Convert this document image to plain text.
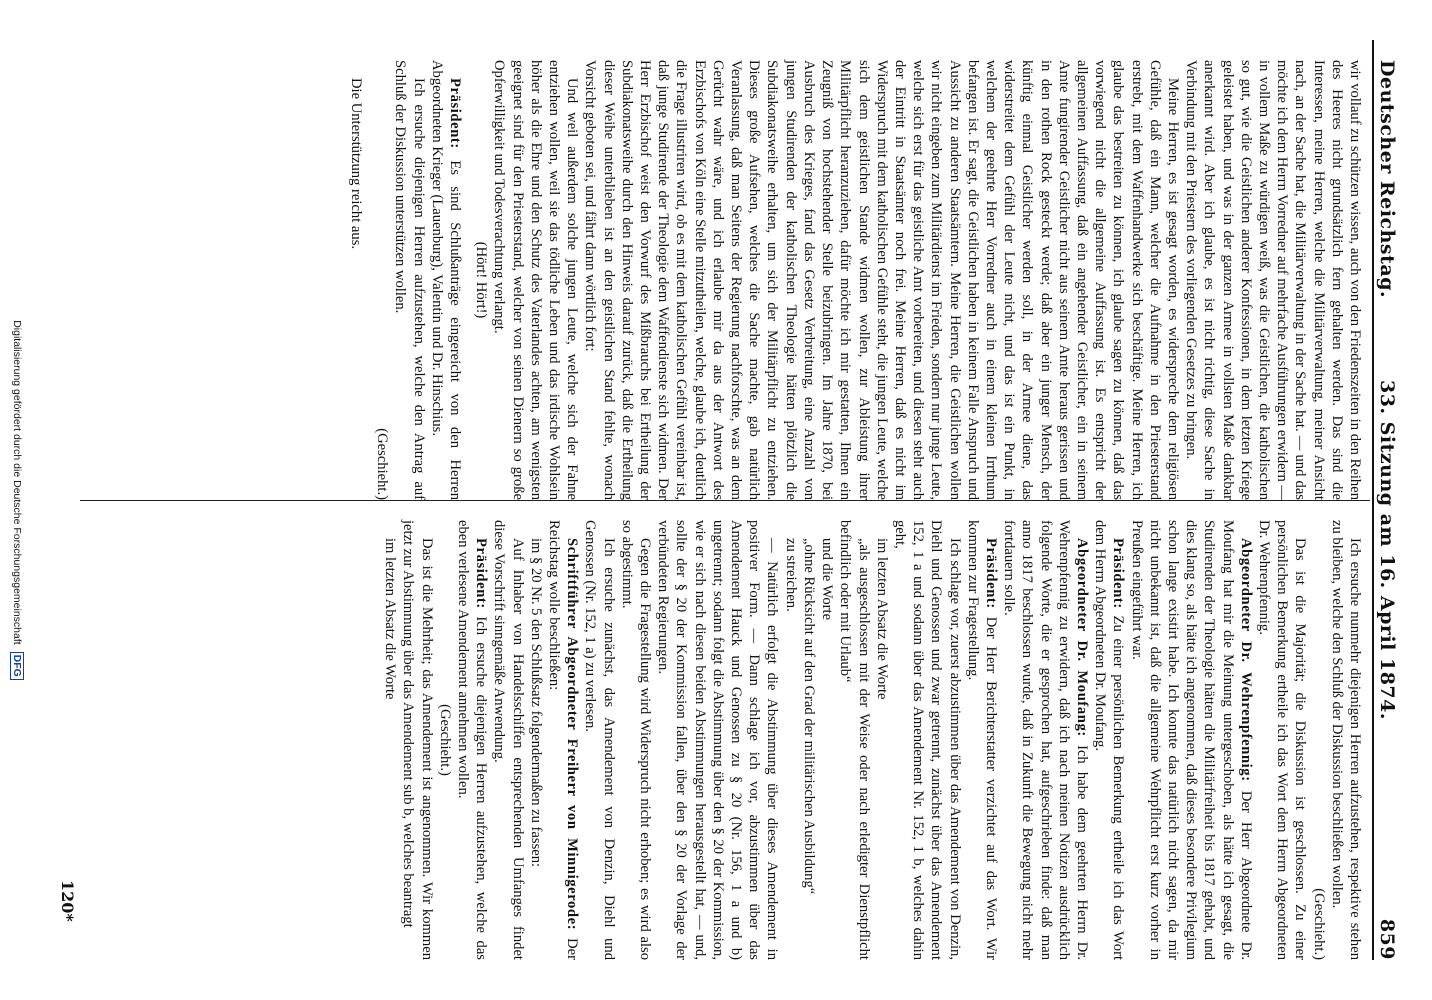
Deutscher Reichstag.
33. Sitzung am 16. April 1874.
859

wir vollauf zu schützen wissen, auch von den Friedenszeiten in den Reihen des Heeres nicht grundsätzlich fern gehalten werden. Das sind die Interessen, meine Herren, welche die Militärverwaltung, meiner Ansicht nach, an der Sache hat, die Militärverwaltung in der Sache hat. — und das möchte ich dem Herrn Vorredner auf mehrfache Ausführungen erwidern — in vollem Maße zu würdigen weiß, was die Geistlichen, die katholischen so gut, wie die Geistlichen anderer Konfessionen, in dem letzten Kriege geleistet haben, und was in der ganzen Armee in vollsten Maße dankbar anerkannt wird. Aber ich glaube, es ist nicht richtig, diese Sache in Verbindung mit den Priestern des vorliegenden Gesetzes zu bringen.

Meine Herren, es ist gesagt worden, es widerspreche dem religiösen Gefühle, daß ein Mann, welcher die Aufnahme in den Priesterstand erstrebt, mit dem Waffenhandwerke sich beschäftige. Meine Herren, ich glaube das bestreiten zu können, ich glaube sagen zu können, daß das vorwiegend nicht die allgemeine Auffassung ist. Es entspricht der allgemeinen Auffassung, daß ein angehender Geistlicher, ein in seinem Amte fungirender Geistlicher nicht aus seinem Amte heraus gerissen und in den rothen Rock gesteckt werde; daß aber ein junger Mensch, der künftig einmal Geistlicher werden soll, in der Armee diene, das widerstreitet dem Gefühl der Leute nicht, und das ist ein Punkt, in welchem der geehrte Herr Vorredner auch in einem kleinen Irrthum befangen ist. Er sagt, die Geistlichen haben in keinem Falle Anspruch und Aussicht zu anderen Staatsämtern. Meine Herren, die Geistlichen wollen wir nicht eingeben zum Militärdienst im Frieden, sondern nur junge Leute, welche sich erst für das geistliche Amt vorbereiten, und diesen steht auch der Eintritt in Staatsämter noch frei. Meine Herren, daß es nicht im Widerspruch mit dem katholischen Gefühle steht, die jungen Leute, welche sich dem geistlichen Stande widmen wollen, zur Ableistung ihrer Militärpflicht heranzuziehen, dafür möchte ich mir gestatten, Ihnen ein Zeugniß von hochstehender Stelle beizubringen. Im Jahre 1870, bei Ausbruch des Krieges, fand das Gesetz Verbreitung, eine Anzahl von jungen Studirenden der katholischen Theologie hätten plötzlich die Subdiakonatsweihe erhalten, um sich der Militärpflicht zu entziehen. Dieses große Aufsehen, welches die Sache machte, gab natürlich Veranlassung, daß man Seitens der Regierung nachforschte, was an dem Gerücht wahr wäre, und ich erlaube mir da aus der Antwort des Erzbischofs von Köln eine Stelle mitzutheilen, welche, glaube ich, deutlich die Frage illustriren wird, ob es mit dem katholischen Gefühl vereinbar ist, daß junge Studirende der Theologie dem Waffendienste sich widmen. Der Herr Erzbischof weist den Vorwurf des Mißbrauchs bei Ertheilung der Subdiakonatsweihe durch den Hinweis darauf zurück, daß die Ertheilung dieser Weihe unterblieben ist an den geistlichen Stand fehlte, wonach Vorsicht geboten sei, und fährt dann wörtlich fort:

Und weil außerdem solche jungen Leute, welche sich der Fahne entziehen wollen, weil sie das tödliche Leben und das irdische Wohlsein höher als die Ehre und den Schutz des Vaterlandes achten, am wenigsten geeignet sind für den Priesterstand, welcher von seinen Dienern so große Opferwilligkeit und Todesverachtung verlangt.

(Hört! Hört!)

Präsident: Es sind Schlußanträge eingereicht von den Herren Abgeordneten Krieger (Lauenburg), Valentin und Dr. Hinschius.

Ich ersuche diejenigen Herren aufzustehen, welche den Antrag auf Schluß der Diskussion unterstützen wollen.

(Geschieht.)

Die Unterstützung reicht aus.

Ich ersuche nunmehr diejenigen Herren aufzustehen, respektive stehen zu bleiben, welche den Schluß der Diskussion beschließen wollen.

(Geschieht.)

Das ist die Majorität; die Diskussion ist geschlossen. Zu einer persönlichen Bemerkung ertheile ich das Wort dem Herrn Abgeordneten Dr. Wehrenpfennig.

Abgeordneter Dr. Wehrenpfennig: Der Herr Abgeordnete Dr. Moufang hat mir die Meinung untergeschoben, als hätte ich gesagt, die Studirenden der Theologie hätten die Militärfreiheit bis 1817 gehabt, und dies klang so, als hätte ich angenommen, daß dieses besondere Privilegium schon lange existirt habe. Ich konnte das natürlich nicht sagen, da mir nicht unbekannt ist, daß die allgemeine Wehrpflicht erst kurz vorher in Preußen eingeführt war.

Präsident: Zu einer persönlichen Bemerkung ertheile ich das Wort dem Herrn Abgeordneten Dr. Moufang.

Abgeordneter Dr. Moufang: Ich habe dem geehrten Herrn Dr. Wehrenpfennig zu erwidern, daß ich nach meinen Notizen ausdrücklich folgende Worte, die er gesprochen hat, aufgeschrieben finde: daß man anno 1817 beschlossen wurde, daß in Zukunft die Bewegung nicht mehr fortdauern solle.

Präsident: Der Herr Berichterstatter verzichtet auf das Wort. Wir kommen zur Fragestellung.

Ich schlage vor, zuerst abzustimmen über das Amendement von Denzin, Diehl und Genossen und zwar getrennt, zunächst über das Amendement 152, 1 a und sodann über das Amendement Nr. 152, 1 b, welches dahin geht,

im letzten Absatz die Worte

„als ausgeschlossen mit der Weise oder nach erledigter Dienstpflicht befindlich oder mit Urlaub“

und die Worte

„ohne Rücksicht auf den Grad der militärischen Ausbildung“

zu streichen.

— Natürlich erfolgt die Abstimmung über dieses Amendement in positiver Form. — Dann schlage ich vor, abzustimmen über das Amendement Hauck und Genossen zu § 20 (Nr. 156, 1 a und b) ungetrennt; sodann folgt die Abstimmung über den § 20 der Kommission, wie er sich nach diesen beiden Abstimmungen herausgestellt hat, — und, sollte der § 20 der Kommission fallen, über den § 20 der Vorlage der verbündeten Regierungen.

Gegen die Fragestellung wird Widerspruch nicht erhoben; es wird also so abgestimmt.

Ich ersuche zunächst, das Amendement von Denzin, Diehl und Genossen (Nr. 152, 1 a) zu verlesen.

Schriftführer Abgeordneter Freiherr von Minnigerode: Der Reichstag wolle beschließen:

im § 20 Nr. 5 den Schlußsatz folgendermaßen zu fassen:

Auf Inhaber von Handelsschiffen entsprechenden Umfanges findet diese Vorschrift sinngemäße Anwendung.

Präsident: Ich ersuche diejenigen Herren aufzustehen, welche das eben verlesene Amendement annehmen wollen.

(Geschieht.)

Das ist die Mehrheit; das Amendement ist angenommen. Wir kommen jetzt zur Abstimmung über das Amendement sub b, welches beantragt

im letzten Absatz die Worte

120*
Digitalisierung gefördert durch die Deutsche Forschungsgemeinschaft DFG
